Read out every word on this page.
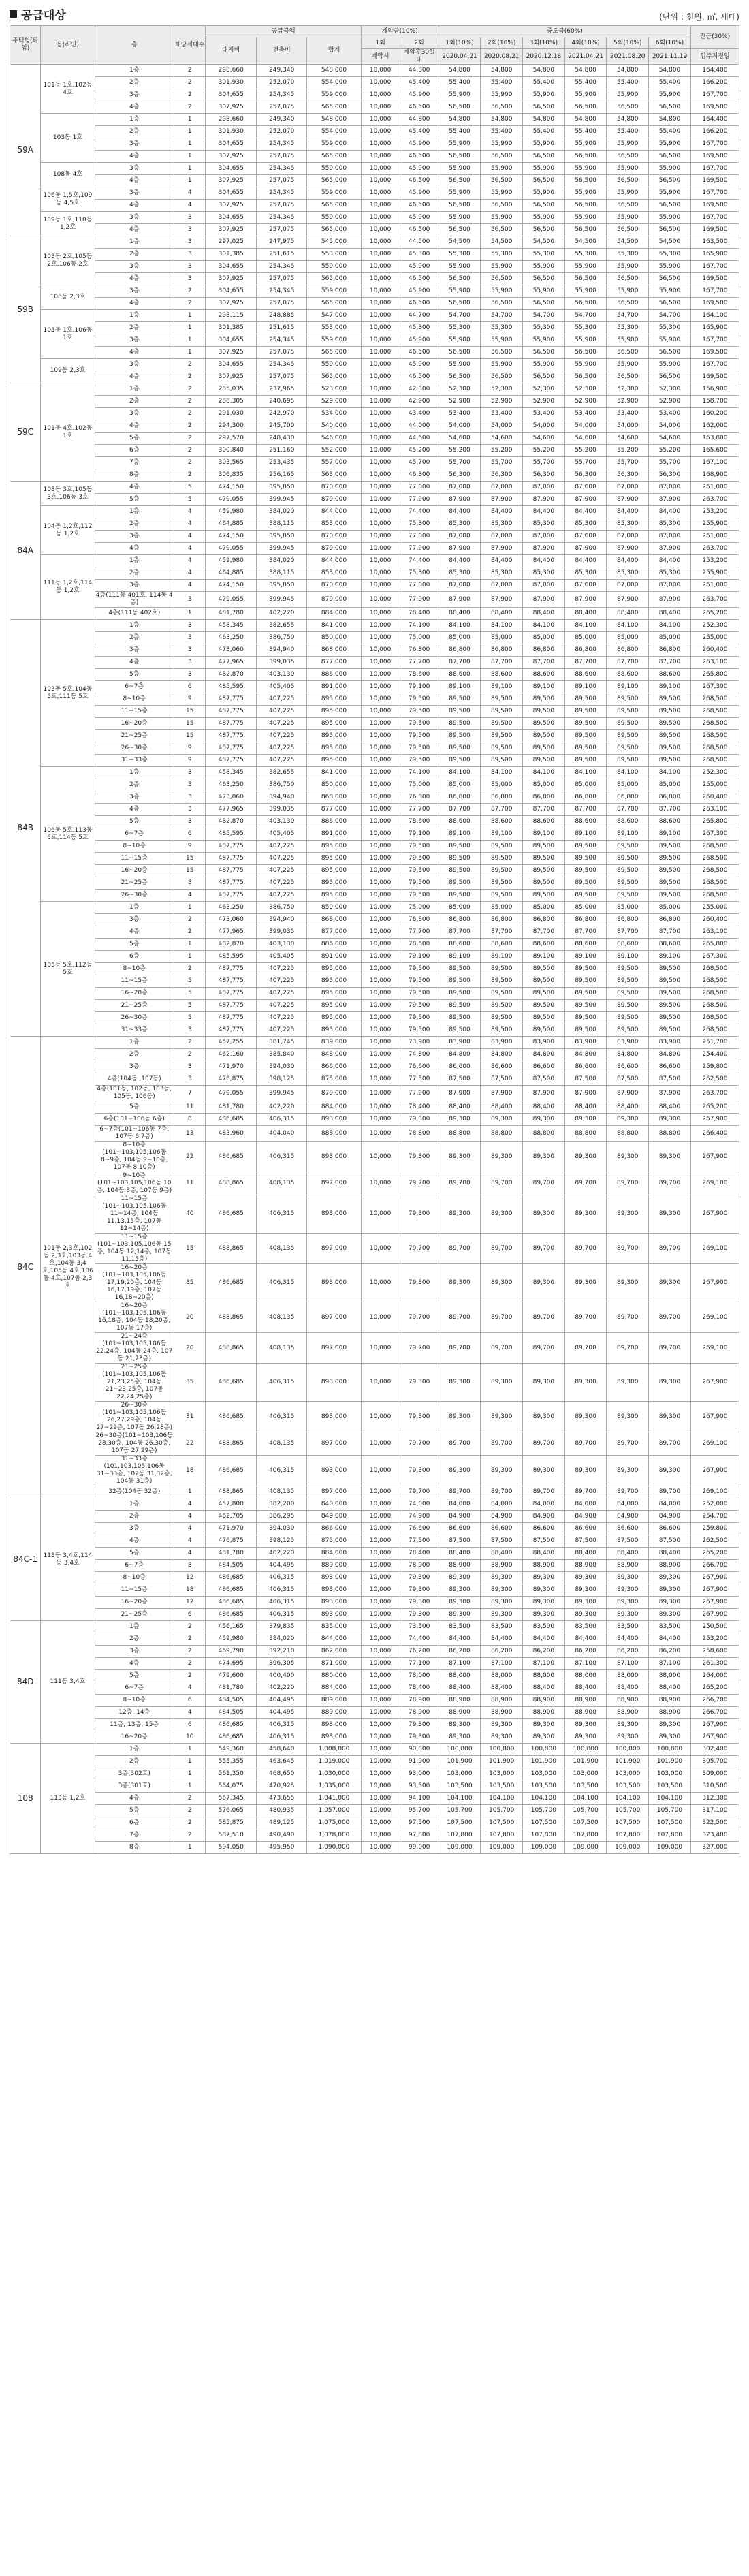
공급대상	(단위 : 천원, ㎡, 세대)
주택형(타입)	동(라인)	층	해당세대수	공급금액			계약금(10%)		중도금(60%)						잔금(30%)
				대지비	건축비	합계	1회	2회	1회(10%)	2회(10%)	3회(10%)	4회(10%)	5회(10%)	6회(10%)	
							계약시	계약후30일내	2020.04.21	2020.08.21	2020.12.18	2021.04.21	2021.08.20	2021.11.19	입주지정일
59A	101동 1호,102동 4호	1층	2	298,660	249,340	548,000	10,000	44,800	54,800	54,800	54,800	54,800	54,800	54,800	164,400
		2층	2	301,930	252,070	554,000	10,000	45,400	55,400	55,400	55,400	55,400	55,400	55,400	166,200
		3층	2	304,655	254,345	559,000	10,000	45,900	55,900	55,900	55,900	55,900	55,900	55,900	167,700
		4층	2	307,925	257,075	565,000	10,000	46,500	56,500	56,500	56,500	56,500	56,500	56,500	169,500
	103동 1호	1층	1	298,660	249,340	548,000	10,000	44,800	54,800	54,800	54,800	54,800	54,800	54,800	164,400
		2층	1	301,930	252,070	554,000	10,000	45,400	55,400	55,400	55,400	55,400	55,400	55,400	166,200
		3층	1	304,655	254,345	559,000	10,000	45,900	55,900	55,900	55,900	55,900	55,900	55,900	167,700
		4층	1	307,925	257,075	565,000	10,000	46,500	56,500	56,500	56,500	56,500	56,500	56,500	169,500
	108동 4호	3층	1	304,655	254,345	559,000	10,000	45,900	55,900	55,900	55,900	55,900	55,900	55,900	167,700
		4층	1	307,925	257,075	565,000	10,000	46,500	56,500	56,500	56,500	56,500	56,500	56,500	169,500
	106동 1,5호,109동 4,5호	3층	4	304,655	254,345	559,000	10,000	45,900	55,900	55,900	55,900	55,900	55,900	55,900	167,700
		4층	4	307,925	257,075	565,000	10,000	46,500	56,500	56,500	56,500	56,500	56,500	56,500	169,500
	109동 1호,110동 1,2호	3층	3	304,655	254,345	559,000	10,000	45,900	55,900	55,900	55,900	55,900	55,900	55,900	167,700
		4층	3	307,925	257,075	565,000	10,000	46,500	56,500	56,500	56,500	56,500	56,500	56,500	169,500
59B	103동 2호,105동 2호,106동 2호	1층	3	297,025	247,975	545,000	10,000	44,500	54,500	54,500	54,500	54,500	54,500	54,500	163,500
		2층	3	301,385	251,615	553,000	10,000	45,300	55,300	55,300	55,300	55,300	55,300	55,300	165,900
		3층	3	304,655	254,345	559,000	10,000	45,900	55,900	55,900	55,900	55,900	55,900	55,900	167,700
		4층	3	307,925	257,075	565,000	10,000	46,500	56,500	56,500	56,500	56,500	56,500	56,500	169,500
	108동 2,3호	3층	2	304,655	254,345	559,000	10,000	45,900	55,900	55,900	55,900	55,900	55,900	55,900	167,700
		4층	2	307,925	257,075	565,000	10,000	46,500	56,500	56,500	56,500	56,500	56,500	56,500	169,500
	105동 1호,106동 1호	1층	1	298,115	248,885	547,000	10,000	44,700	54,700	54,700	54,700	54,700	54,700	54,700	164,100
		2층	1	301,385	251,615	553,000	10,000	45,300	55,300	55,300	55,300	55,300	55,300	55,300	165,900
		3층	1	304,655	254,345	559,000	10,000	45,900	55,900	55,900	55,900	55,900	55,900	55,900	167,700
		4층	1	307,925	257,075	565,000	10,000	46,500	56,500	56,500	56,500	56,500	56,500	56,500	169,500
	109동 2,3호	3층	2	304,655	254,345	559,000	10,000	45,900	55,900	55,900	55,900	55,900	55,900	55,900	167,700
		4층	2	307,925	257,075	565,000	10,000	46,500	56,500	56,500	56,500	56,500	56,500	56,500	169,500
59C	101동 4호,102동 1호	1층	2	285,035	237,965	523,000	10,000	42,300	52,300	52,300	52,300	52,300	52,300	52,300	156,900
		2층	2	288,305	240,695	529,000	10,000	42,900	52,900	52,900	52,900	52,900	52,900	52,900	158,700
		3층	2	291,030	242,970	534,000	10,000	43,400	53,400	53,400	53,400	53,400	53,400	53,400	160,200
		4층	2	294,300	245,700	540,000	10,000	44,000	54,000	54,000	54,000	54,000	54,000	54,000	162,000
		5층	2	297,570	248,430	546,000	10,000	44,600	54,600	54,600	54,600	54,600	54,600	54,600	163,800
		6층	2	300,840	251,160	552,000	10,000	45,200	55,200	55,200	55,200	55,200	55,200	55,200	165,600
		7층	2	303,565	253,435	557,000	10,000	45,700	55,700	55,700	55,700	55,700	55,700	55,700	167,100
		8층	2	306,835	256,165	563,000	10,000	46,300	56,300	56,300	56,300	56,300	56,300	56,300	168,900
84A	103동 3호,105동 3호,106동 3호	4층	5	474,150	395,850	870,000	10,000	77,000	87,000	87,000	87,000	87,000	87,000	87,000	261,000
		5층	5	479,055	399,945	879,000	10,000	77,900	87,900	87,900	87,900	87,900	87,900	87,900	263,700
	104동 1,2호,112동 1,2호	1층	4	459,980	384,020	844,000	10,000	74,400	84,400	84,400	84,400	84,400	84,400	84,400	253,200
		2층	4	464,885	388,115	853,000	10,000	75,300	85,300	85,300	85,300	85,300	85,300	85,300	255,900
		3층	4	474,150	395,850	870,000	10,000	77,000	87,000	87,000	87,000	87,000	87,000	87,000	261,000
		4층	4	479,055	399,945	879,000	10,000	77,900	87,900	87,900	87,900	87,900	87,900	87,900	263,700
	111동 1,2호,114동 1,2호	1층	4	459,980	384,020	844,000	10,000	74,400	84,400	84,400	84,400	84,400	84,400	84,400	253,200
		2층	4	464,885	388,115	853,000	10,000	75,300	85,300	85,300	85,300	85,300	85,300	85,300	255,900
		3층	4	474,150	395,850	870,000	10,000	77,000	87,000	87,000	87,000	87,000	87,000	87,000	261,000
		4층(111동 401호, 114동 4층)	3	479,055	399,945	879,000	10,000	77,900	87,900	87,900	87,900	87,900	87,900	87,900	263,700
		4층(111동 402호)	1	481,780	402,220	884,000	10,000	78,400	88,400	88,400	88,400	88,400	88,400	88,400	265,200
84B	103동 5호,104동 5호,111동 5호	1층	3	458,345	382,655	841,000	10,000	74,100	84,100	84,100	84,100	84,100	84,100	84,100	252,300
		2층	3	463,250	386,750	850,000	10,000	75,000	85,000	85,000	85,000	85,000	85,000	85,000	255,000
		3층	3	473,060	394,940	868,000	10,000	76,800	86,800	86,800	86,800	86,800	86,800	86,800	260,400
		4층	3	477,965	399,035	877,000	10,000	77,700	87,700	87,700	87,700	87,700	87,700	87,700	263,100
		5층	3	482,870	403,130	886,000	10,000	78,600	88,600	88,600	88,600	88,600	88,600	88,600	265,800
		6~7층	6	485,595	405,405	891,000	10,000	79,100	89,100	89,100	89,100	89,100	89,100	89,100	267,300
		8~10층	9	487,775	407,225	895,000	10,000	79,500	89,500	89,500	89,500	89,500	89,500	89,500	268,500
		11~15층	15	487,775	407,225	895,000	10,000	79,500	89,500	89,500	89,500	89,500	89,500	89,500	268,500
		16~20층	15	487,775	407,225	895,000	10,000	79,500	89,500	89,500	89,500	89,500	89,500	89,500	268,500
		21~25층	15	487,775	407,225	895,000	10,000	79,500	89,500	89,500	89,500	89,500	89,500	89,500	268,500
		26~30층	9	487,775	407,225	895,000	10,000	79,500	89,500	89,500	89,500	89,500	89,500	89,500	268,500
		31~33층	9	487,775	407,225	895,000	10,000	79,500	89,500	89,500	89,500	89,500	89,500	89,500	268,500
	106동 5호,113동 5호,114동 5호	1층	3	458,345	382,655	841,000	10,000	74,100	84,100	84,100	84,100	84,100	84,100	84,100	252,300
		2층	3	463,250	386,750	850,000	10,000	75,000	85,000	85,000	85,000	85,000	85,000	85,000	255,000
		3층	3	473,060	394,940	868,000	10,000	76,800	86,800	86,800	86,800	86,800	86,800	86,800	260,400
		4층	3	477,965	399,035	877,000	10,000	77,700	87,700	87,700	87,700	87,700	87,700	87,700	263,100
		5층	3	482,870	403,130	886,000	10,000	78,600	88,600	88,600	88,600	88,600	88,600	88,600	265,800
		6~7층	6	485,595	405,405	891,000	10,000	79,100	89,100	89,100	89,100	89,100	89,100	89,100	267,300
		8~10층	9	487,775	407,225	895,000	10,000	79,500	89,500	89,500	89,500	89,500	89,500	89,500	268,500
		11~15층	15	487,775	407,225	895,000	10,000	79,500	89,500	89,500	89,500	89,500	89,500	89,500	268,500
		16~20층	15	487,775	407,225	895,000	10,000	79,500	89,500	89,500	89,500	89,500	89,500	89,500	268,500
		21~25층	8	487,775	407,225	895,000	10,000	79,500	89,500	89,500	89,500	89,500	89,500	89,500	268,500
		26~30층	4	487,775	407,225	895,000	10,000	79,500	89,500	89,500	89,500	89,500	89,500	89,500	268,500
	105동 5호,112동 5호	1층	1	463,250	386,750	850,000	10,000	75,000	85,000	85,000	85,000	85,000	85,000	85,000	255,000
		3층	2	473,060	394,940	868,000	10,000	76,800	86,800	86,800	86,800	86,800	86,800	86,800	260,400
		4층	2	477,965	399,035	877,000	10,000	77,700	87,700	87,700	87,700	87,700	87,700	87,700	263,100
		5층	1	482,870	403,130	886,000	10,000	78,600	88,600	88,600	88,600	88,600	88,600	88,600	265,800
		6층	1	485,595	405,405	891,000	10,000	79,100	89,100	89,100	89,100	89,100	89,100	89,100	267,300
		8~10층	2	487,775	407,225	895,000	10,000	79,500	89,500	89,500	89,500	89,500	89,500	89,500	268,500
		11~15층	5	487,775	407,225	895,000	10,000	79,500	89,500	89,500	89,500	89,500	89,500	89,500	268,500
		16~20층	5	487,775	407,225	895,000	10,000	79,500	89,500	89,500	89,500	89,500	89,500	89,500	268,500
		21~25층	5	487,775	407,225	895,000	10,000	79,500	89,500	89,500	89,500	89,500	89,500	89,500	268,500
		26~30층	5	487,775	407,225	895,000	10,000	79,500	89,500	89,500	89,500	89,500	89,500	89,500	268,500
		31~33층	3	487,775	407,225	895,000	10,000	79,500	89,500	89,500	89,500	89,500	89,500	89,500	268,500
84C	101동 2,3호,102동 2,3호,103동 4호,104동 3,4호,105동 4호,106동 4호,107동 2,3호	1층	2	457,255	381,745	839,000	10,000	73,900	83,900	83,900	83,900	83,900	83,900	83,900	251,700
		2층	2	462,160	385,840	848,000	10,000	74,800	84,800	84,800	84,800	84,800	84,800	84,800	254,400
		3층	3	471,970	394,030	866,000	10,000	76,600	86,600	86,600	86,600	86,600	86,600	86,600	259,800
		4층(104동 ,107동)	3	476,875	398,125	875,000	10,000	77,500	87,500	87,500	87,500	87,500	87,500	87,500	262,500
		4층(101동, 102동, 103동, 105동, 106동)	7	479,055	399,945	879,000	10,000	77,900	87,900	87,900	87,900	87,900	87,900	87,900	263,700
		5층	11	481,780	402,220	884,000	10,000	78,400	88,400	88,400	88,400	88,400	88,400	88,400	265,200
		6층(101~106동 6층)	8	486,685	406,315	893,000	10,000	79,300	89,300	89,300	89,300	89,300	89,300	89,300	267,900
		6~7층(101~106동 7층, 107동 6,7층)	13	483,960	404,040	888,000	10,000	78,800	88,800	88,800	88,800	88,800	88,800	88,800	266,400
		8~10층(101~103,105,106동 8~9층, 104동 9~10층, 107동 8,10층)	22	486,685	406,315	893,000	10,000	79,300	89,300	89,300	89,300	89,300	89,300	89,300	267,900
		9~10층(101~103,105,106동 10층, 104동 8층, 107동 9층)	11	488,865	408,135	897,000	10,000	79,700	89,700	89,700	89,700	89,700	89,700	89,700	269,100
		11~15층(101~103,105,106동 11~14층, 104동 11,13,15층, 107동 12~14층)	40	486,685	406,315	893,000	10,000	79,300	89,300	89,300	89,300	89,300	89,300	89,300	267,900
		11~15층(101~103,105,106동 15층, 104동 12,14층, 107동 11,15층)	15	488,865	408,135	897,000	10,000	79,700	89,700	89,700	89,700	89,700	89,700	89,700	269,100
		16~20층(101~103,105,106동 17,19,20층, 104동 16,17,19층, 107동 16,18~20층)	35	486,685	406,315	893,000	10,000	79,300	89,300	89,300	89,300	89,300	89,300	89,300	267,900
		16~20층(101~103,105,106동 16,18층, 104동 18,20층, 107동 17층)	20	488,865	408,135	897,000	10,000	79,700	89,700	89,700	89,700	89,700	89,700	89,700	269,100
		21~24층(101~103,105,106동 22,24층, 104동 24층, 107동 21,23층)	20	488,865	408,135	897,000	10,000	79,700	89,700	89,700	89,700	89,700	89,700	89,700	269,100
		21~25층(101~103,105,106동 21,23,25층, 104동 21~23,25층, 107동 22,24,25층)	35	486,685	406,315	893,000	10,000	79,300	89,300	89,300	89,300	89,300	89,300	89,300	267,900
		26~30층(101~103,105,106동 26,27,29층, 104동 27~29층, 107동 26,28층)	31	486,685	406,315	893,000	10,000	79,300	89,300	89,300	89,300	89,300	89,300	89,300	267,900
		26~30층(101~103,106동 28,30층, 104동 26,30층, 107동 27,29층)	22	488,865	408,135	897,000	10,000	79,700	89,700	89,700	89,700	89,700	89,700	89,700	269,100
		31~33층(101,103,105,106동 31~33층, 102동 31,32층, 104동 31층)	18	486,685	406,315	893,000	10,000	79,300	89,300	89,300	89,300	89,300	89,300	89,300	267,900
		32층(104동 32층)	1	488,865	408,135	897,000	10,000	79,700	89,700	89,700	89,700	89,700	89,700	89,700	269,100
84C-1	113동 3,4호,114동 3,4호	1층	4	457,800	382,200	840,000	10,000	74,000	84,000	84,000	84,000	84,000	84,000	84,000	252,000
		2층	4	462,705	386,295	849,000	10,000	74,900	84,900	84,900	84,900	84,900	84,900	84,900	254,700
		3층	4	471,970	394,030	866,000	10,000	76,600	86,600	86,600	86,600	86,600	86,600	86,600	259,800
		4층	4	476,875	398,125	875,000	10,000	77,500	87,500	87,500	87,500	87,500	87,500	87,500	262,500
		5층	4	481,780	402,220	884,000	10,000	78,400	88,400	88,400	88,400	88,400	88,400	88,400	265,200
		6~7층	8	484,505	404,495	889,000	10,000	78,900	88,900	88,900	88,900	88,900	88,900	88,900	266,700
		8~10층	12	486,685	406,315	893,000	10,000	79,300	89,300	89,300	89,300	89,300	89,300	89,300	267,900
		11~15층	18	486,685	406,315	893,000	10,000	79,300	89,300	89,300	89,300	89,300	89,300	89,300	267,900
		16~20층	12	486,685	406,315	893,000	10,000	79,300	89,300	89,300	89,300	89,300	89,300	89,300	267,900
		21~25층	6	486,685	406,315	893,000	10,000	79,300	89,300	89,300	89,300	89,300	89,300	89,300	267,900
84D	111동 3,4호	1층	2	456,165	379,835	835,000	10,000	73,500	83,500	83,500	83,500	83,500	83,500	83,500	250,500
		2층	2	459,980	384,020	844,000	10,000	74,400	84,400	84,400	84,400	84,400	84,400	84,400	253,200
		3층	2	469,790	392,210	862,000	10,000	76,200	86,200	86,200	86,200	86,200	86,200	86,200	258,600
		4층	2	474,695	396,305	871,000	10,000	77,100	87,100	87,100	87,100	87,100	87,100	87,100	261,300
		5층	2	479,600	400,400	880,000	10,000	78,000	88,000	88,000	88,000	88,000	88,000	88,000	264,000
		6~7층	4	481,780	402,220	884,000	10,000	78,400	88,400	88,400	88,400	88,400	88,400	88,400	265,200
		8~10층	6	484,505	404,495	889,000	10,000	78,900	88,900	88,900	88,900	88,900	88,900	88,900	266,700
		12층, 14층	4	484,505	404,495	889,000	10,000	78,900	88,900	88,900	88,900	88,900	88,900	88,900	266,700
		11층, 13층, 15층	6	486,685	406,315	893,000	10,000	79,300	89,300	89,300	89,300	89,300	89,300	89,300	267,900
		16~20층	10	486,685	406,315	893,000	10,000	79,300	89,300	89,300	89,300	89,300	89,300	89,300	267,900
108	113동 1,2호	1층	1	549,360	458,640	1,008,000	10,000	90,800	100,800	100,800	100,800	100,800	100,800	100,800	302,400
		2층	1	555,355	463,645	1,019,000	10,000	91,900	101,900	101,900	101,900	101,900	101,900	101,900	305,700
		3층(302호)	1	561,350	468,650	1,030,000	10,000	93,000	103,000	103,000	103,000	103,000	103,000	103,000	309,000
		3층(301호)	1	564,075	470,925	1,035,000	10,000	93,500	103,500	103,500	103,500	103,500	103,500	103,500	310,500
		4층	2	567,345	473,655	1,041,000	10,000	94,100	104,100	104,100	104,100	104,100	104,100	104,100	312,300
		5층	2	576,065	480,935	1,057,000	10,000	95,700	105,700	105,700	105,700	105,700	105,700	105,700	317,100
		6층	2	585,875	489,125	1,075,000	10,000	97,500	107,500	107,500	107,500	107,500	107,500	107,500	322,500
		7층	2	587,510	490,490	1,078,000	10,000	97,800	107,800	107,800	107,800	107,800	107,800	107,800	323,400
		8층	1	594,050	495,950	1,090,000	10,000	99,000	109,000	109,000	109,000	109,000	109,000	109,000	327,000
